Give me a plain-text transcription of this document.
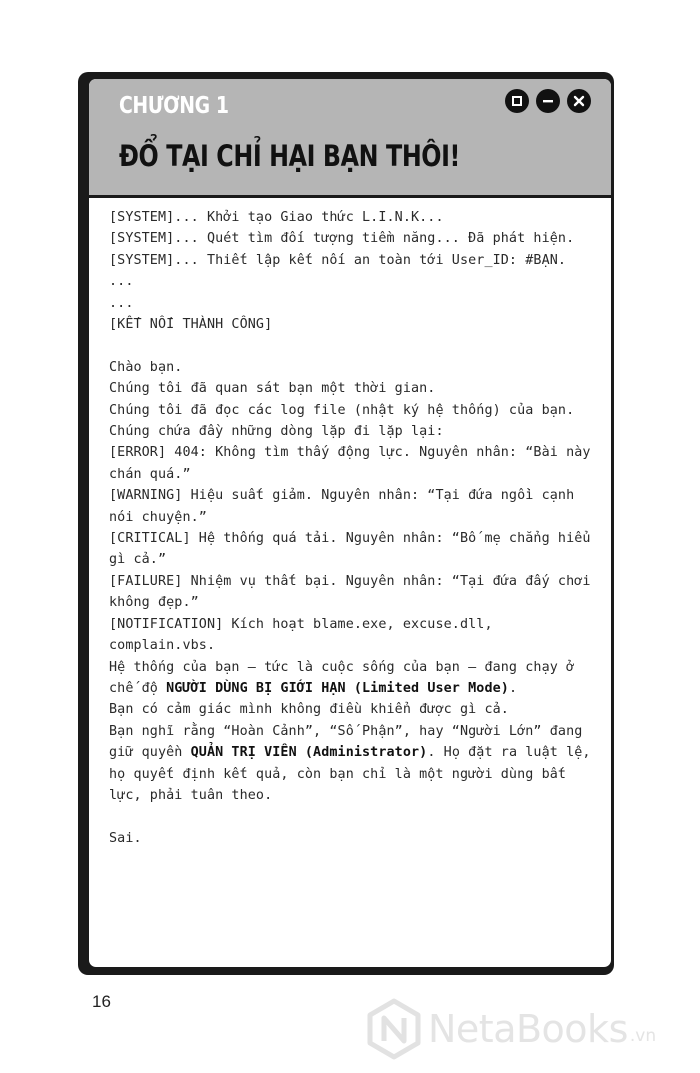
CHƯƠNG 1
ĐỔ TẠI CHỈ HẠI BẠN THÔI!

[SYSTEM]... Khởi tạo Giao thức L.I.N.K...

[SYSTEM]... Quét tìm đối tượng tiềm năng... Đã phát hiện.

[SYSTEM]... Thiết lập kết nối an toàn tới User_ID: #BẠN.

...

...

[KẾT NỐI THÀNH CÔNG]

Chào bạn.

Chúng tôi đã quan sát bạn một thời gian.

Chúng tôi đã đọc các log file (nhật ký hệ thống) của bạn. Chúng chứa đầy những dòng lặp đi lặp lại:

[ERROR] 404: Không tìm thấy động lực. Nguyên nhân: “Bài này chán quá.”

[WARNING] Hiệu suất giảm. Nguyên nhân: “Tại đứa ngồi cạnh nói chuyện.”

[CRITICAL] Hệ thống quá tải. Nguyên nhân: “Bố mẹ chẳng hiểu gì cả.”

[FAILURE] Nhiệm vụ thất bại. Nguyên nhân: “Tại đứa đấy chơi không đẹp.”

[NOTIFICATION] Kích hoạt blame.exe, excuse.dll, complain.vbs.

Hệ thống của bạn – tức là cuộc sống của bạn – đang chạy ở chế độ NGƯỜI DÙNG BỊ GIỚI HẠN (Limited User Mode).

Bạn có cảm giác mình không điều khiển được gì cả.

Bạn nghĩ rằng “Hoàn Cảnh”, “Số Phận”, hay “Người Lớn” đang giữ quyền QUẢN TRỊ VIÊN (Administrator). Họ đặt ra luật lệ, họ quyết định kết quả, còn bạn chỉ là một người dùng bất lực, phải tuân theo.

Sai.

16
NetaBooks .vn
